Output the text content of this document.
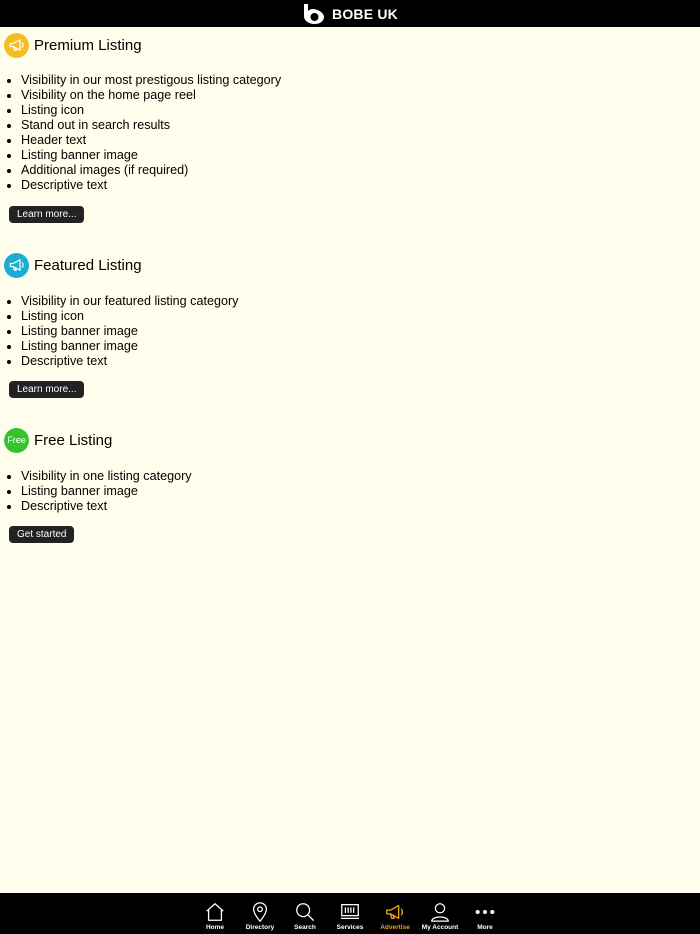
BOBE UK
Premium Listing
• Visibility in our most prestigous listing category
• Visibility on the home page reel
• Listing icon
• Stand out in search results
• Header text
• Listing banner image
• Additional images (if required)
• Descriptive text
Learn more...
Featured Listing
• Visibility in our featured listing category
• Listing icon
• Listing banner image
• Listing banner image
• Descriptive text
Learn more...
Free Free Listing
• Visibility in one listing category
• Listing banner image
• Descriptive text
Get started
Home	Directory	Search	Services	Advertise My Account	More
